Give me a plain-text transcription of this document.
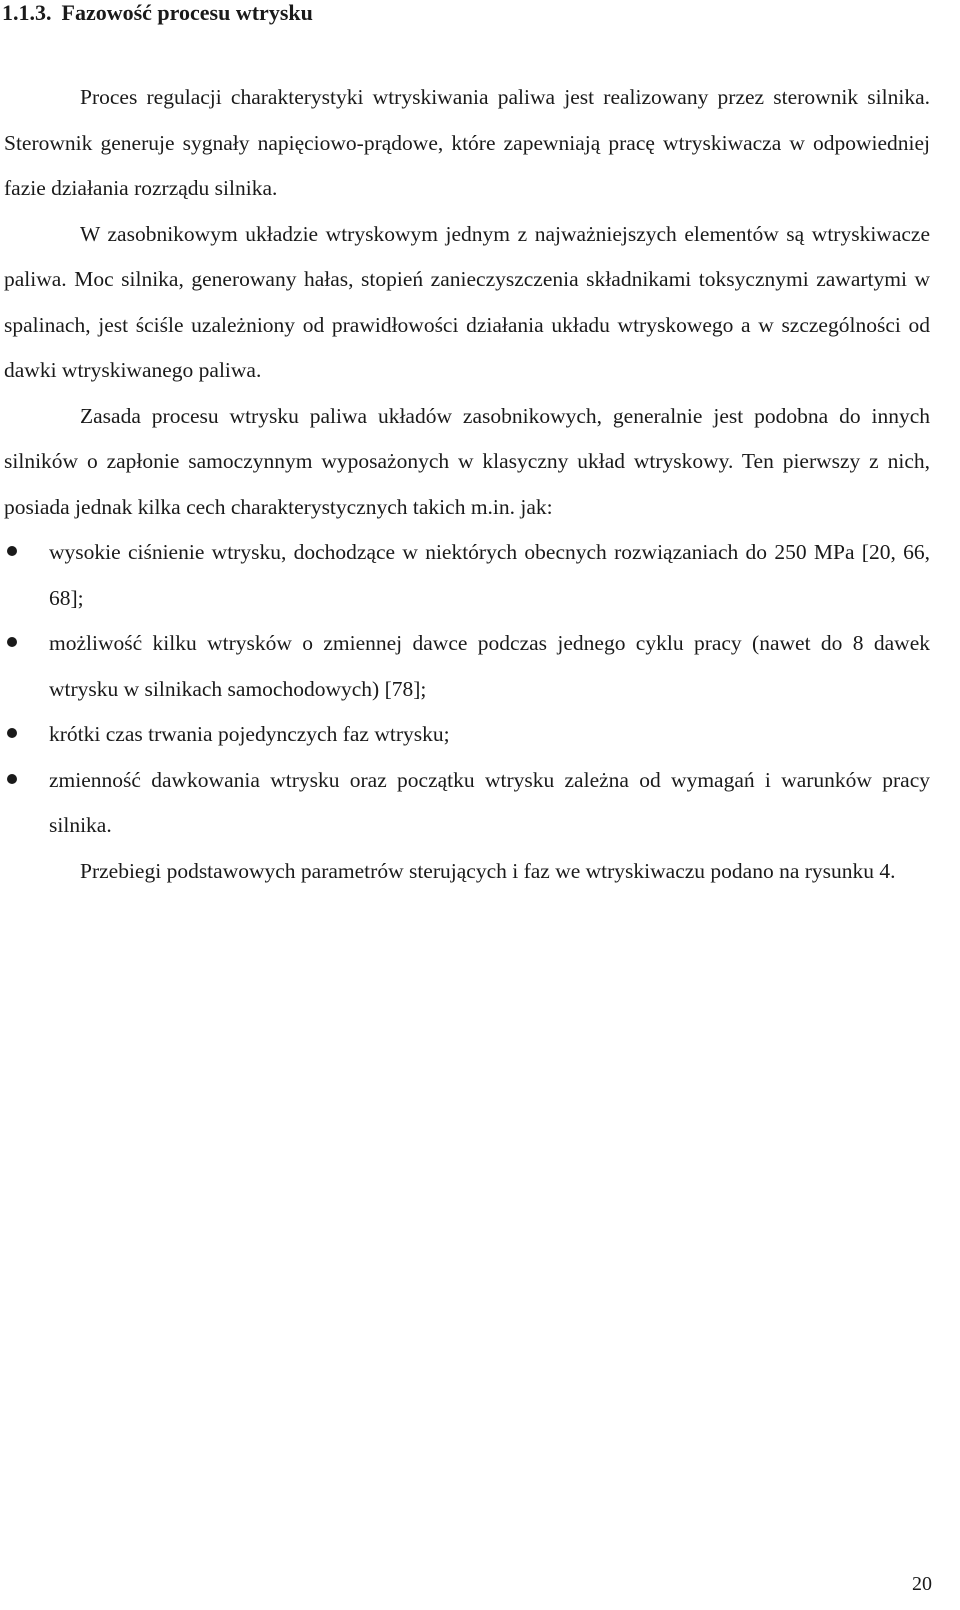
1.1.3. Fazowość procesu wtrysku

Proces regulacji charakterystyki wtryskiwania paliwa jest realizowany przez sterownik silnika. Sterownik generuje sygnały napięciowo-prądowe, które zapewniają pracę wtryskiwacza w odpowiedniej fazie działania rozrządu silnika.

W zasobnikowym układzie wtryskowym jednym z najważniejszych elementów są wtryskiwacze paliwa. Moc silnika, generowany hałas, stopień zanieczyszczenia składnikami toksycznymi zawartymi w spalinach, jest ściśle uzależniony od prawidłowości działania układu wtryskowego a w szczególności od dawki wtryskiwanego paliwa.

Zasada procesu wtrysku paliwa układów zasobnikowych, generalnie jest podobna do innych silników o zapłonie samoczynnym wyposażonych w klasyczny układ wtryskowy. Ten pierwszy z nich, posiada jednak kilka cech charakterystycznych takich m.in. jak:

wysokie ciśnienie wtrysku, dochodzące w niektórych obecnych rozwiązaniach do 250 MPa [20, 66, 68];
możliwość kilku wtrysków o zmiennej dawce podczas jednego cyklu pracy (nawet do 8 dawek wtrysku w silnikach samochodowych) [78];
krótki czas trwania pojedynczych faz wtrysku;
zmienność dawkowania wtrysku oraz początku wtrysku zależna od wymagań i warunków pracy silnika.

Przebiegi podstawowych parametrów sterujących i faz we wtryskiwaczu podano na rysunku 4.

20
